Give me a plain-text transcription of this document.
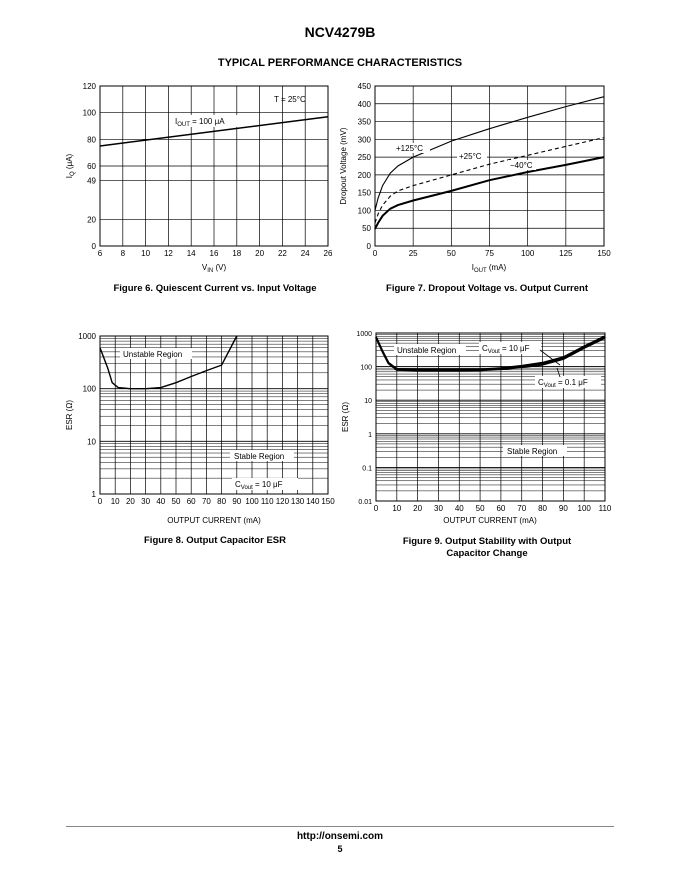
NCV4279B
TYPICAL PERFORMANCE CHARACTERISTICS
6 8 10 12 14 16 18 20 22 24 26
0
20
49
60
80
100
120
T = 25°C
$I_{OUT} = 100$ μA
$I_Q$ (μA)
$V_{IN}$ (V)
0	25	50	75	100	125	150
0
50
100
150
200
250
300
350
400
450
+125°C
+25°C
−40°C
Dropout Voltage (mV)
$I_{OUT}$ (mA)
0 10 20 30 40 50 60 70 80 90 100 110 120 130 140 150
1
10
100
1000
Unstable Region
Stable Region
$C_{Vout} = 10$ μF
ESR (Ω)
OUTPUT CURRENT (mA)
0 10 20 30 40 50 60 70 80 90 100 110
0.01
0.1
1
10
100
1000
Unstable Region	$C_{Vout} = 10$ μF
$C_{Vout} = 0.1$ μF
Stable Region
ESR (Ω)
OUTPUT CURRENT (mA)
Figure 6. Quiescent Current vs. Input Voltage	Figure 7. Dropout Voltage vs. Output Current
Figure 8. Output Capacitor ESR	Figure 9. Output Stability with Output
Capacitor Change
http://onsemi.com
5
